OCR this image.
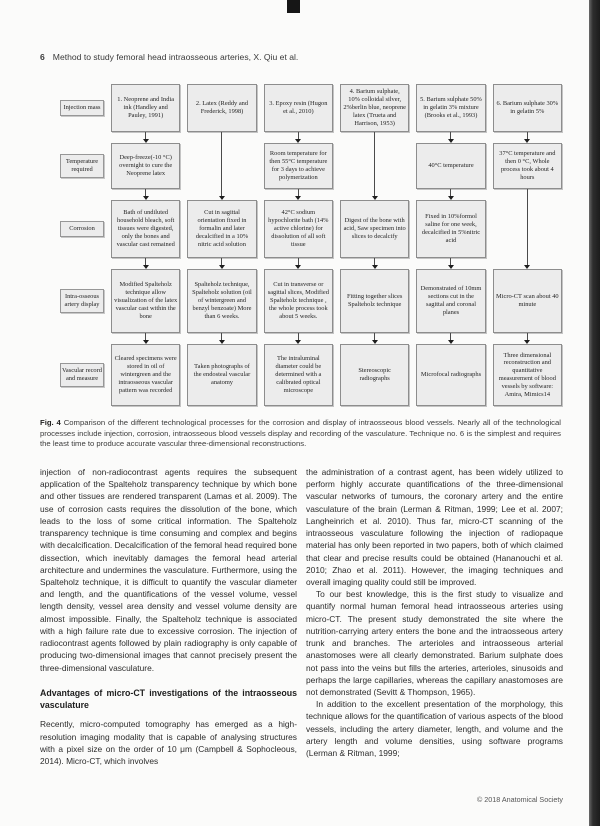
6 Method to study femoral head intraosseous arteries, X. Qiu et al.
Injection mass
1. Neoprene and India ink (Handley and Pauley, 1991)
2. Latex (Reddy and Frederick, 1998)
3. Epoxy resin (Hugon et al., 2010)
4. Barium sulphate, 10% colloidal silver, 2%berlin blue, neoprene latex (Trueta and Harrison, 1953)
5. Barium sulphate 50% in gelatin 3% mixture (Brooks et al., 1993)
6. Barium sulphate 30% in gelatin 5%
Temperature required
Deep-freeze(-10 °C) overnight to cure the Neoprene latex
Room temperature for then 55°C temperature for 3 days to achieve polymerization
40°C temperature
37°C temperature and then 0 °C, Whole process took about 4 hours
Corrosion
Bath of undiluted household bleach, soft tissues were digested, only the bones and vascular cast remained
Cut in sagittal orientation fixed in formalin and later decalcified in a 10% nitric acid solution
42°C sodium hypochlorite bath (14% active chlorine) for dissolution of all soft tissue
Digest of the bone with acid, Saw specimen into slices to decalcify
Fixed in 10%formol saline for one week, decalcified in 5%nitric acid
Intra-osseous artery display
Modified Spalteholz technique allow visualization of the latex vascular cast within the bone
Spalteholz technique, Spalteholz solution (oil of wintergreen and benzyl benzoate) More than 6 weeks.
Cut in transverse or sagittal slices, Modified Spalteholz technique , the whole process took about 5 weeks.
Fitting together slices Spalteholz technique
Demonstrated of 10mm sections cut in the sagittal and coronal planes
Micro-CT scan about 40 minute
Vascular record and measure
Cleared specimens were stored in oil of wintergreen and the intraosseous vascular pattern was recorded
Taken photographs of the endosteal vascular anatomy
The intraluminal diameter could be determined with a calibrated optical microscope
Stereoscopic radiographs
Microfocal radiographs
Three dimensional reconstruction and quantitative measurement of blood vessels by software: Amira, Mimics14
Fig. 4 Comparison of the different technological processes for the corrosion and display of intraosseous blood vessels. Nearly all of the technological processes include injection, corrosion, intraosseous blood vessels display and recording of the vasculature. Technique no. 6 is the simplest and requires the least time to produce accurate vascular three-dimensional reconstructions.

injection of non-radiocontrast agents requires the subsequent application of the Spalteholz transparency technique by which bone and other tissues are rendered transparent (Lamas et al. 2009). The use of corrosion casts requires the dissolution of the bone, which leads to the loss of some critical information. The Spalteholz transparency technique is time consuming and complex and begins with decalcification. Decalcification of the femoral head required bone dissection, which inevitably damages the femoral head arterial architecture and undermines the vasculature. Furthermore, using the Spalteholz technique, it is difficult to quantify the vascular diameter and length, and the quantifications of the vessel volume, vessel length density, vessel area density and vessel volume density are almost impossible. Finally, the Spalteholz technique is associated with a high failure rate due to excessive corrosion. The injection of radiocontrast agents followed by plain radiography is only capable of producing two-dimensional images that cannot precisely present the three-dimensional vasculature.

Advantages of micro-CT investigations of the intraosseous vasculature

Recently, micro-computed tomography has emerged as a high-resolution imaging modality that is capable of analysing structures with a pixel size on the order of 10 μm (Campbell & Sophocleous, 2014). Micro-CT, which involves

the administration of a contrast agent, has been widely utilized to perform highly accurate quantifications of the three-dimensional vascular networks of tumours, the coronary artery and the entire vasculature of the brain (Lerman & Ritman, 1999; Lee et al. 2007; Langheinrich et al. 2010). Thus far, micro-CT scanning of the intraosseous vasculature following the injection of radiopaque material has only been reported in two papers, both of which claimed that clear and precise results could be obtained (Hananouchi et al. 2010; Zhao et al. 2011). However, the imaging techniques and overall imaging quality could still be improved.

To our best knowledge, this is the first study to visualize and quantify normal human femoral head intraosseous arteries using micro-CT. The present study demonstrated the site where the nutrition-carrying artery enters the bone and the intraosseous artery trunk and branches. The arterioles and intraosseous arterial anastomoses were all clearly demonstrated. Barium sulphate does not pass into the veins but fills the arteries, arterioles, sinusoids and perhaps the large capillaries, whereas the capillary anastomoses are not demonstrated (Sevitt & Thompson, 1965).

In addition to the excellent presentation of the morphology, this technique allows for the quantification of various aspects of the blood vessels, including the artery diameter, length, and volume and the artery length and volume densities, using software programs (Lerman & Ritman, 1999;

© 2018 Anatomical Society
